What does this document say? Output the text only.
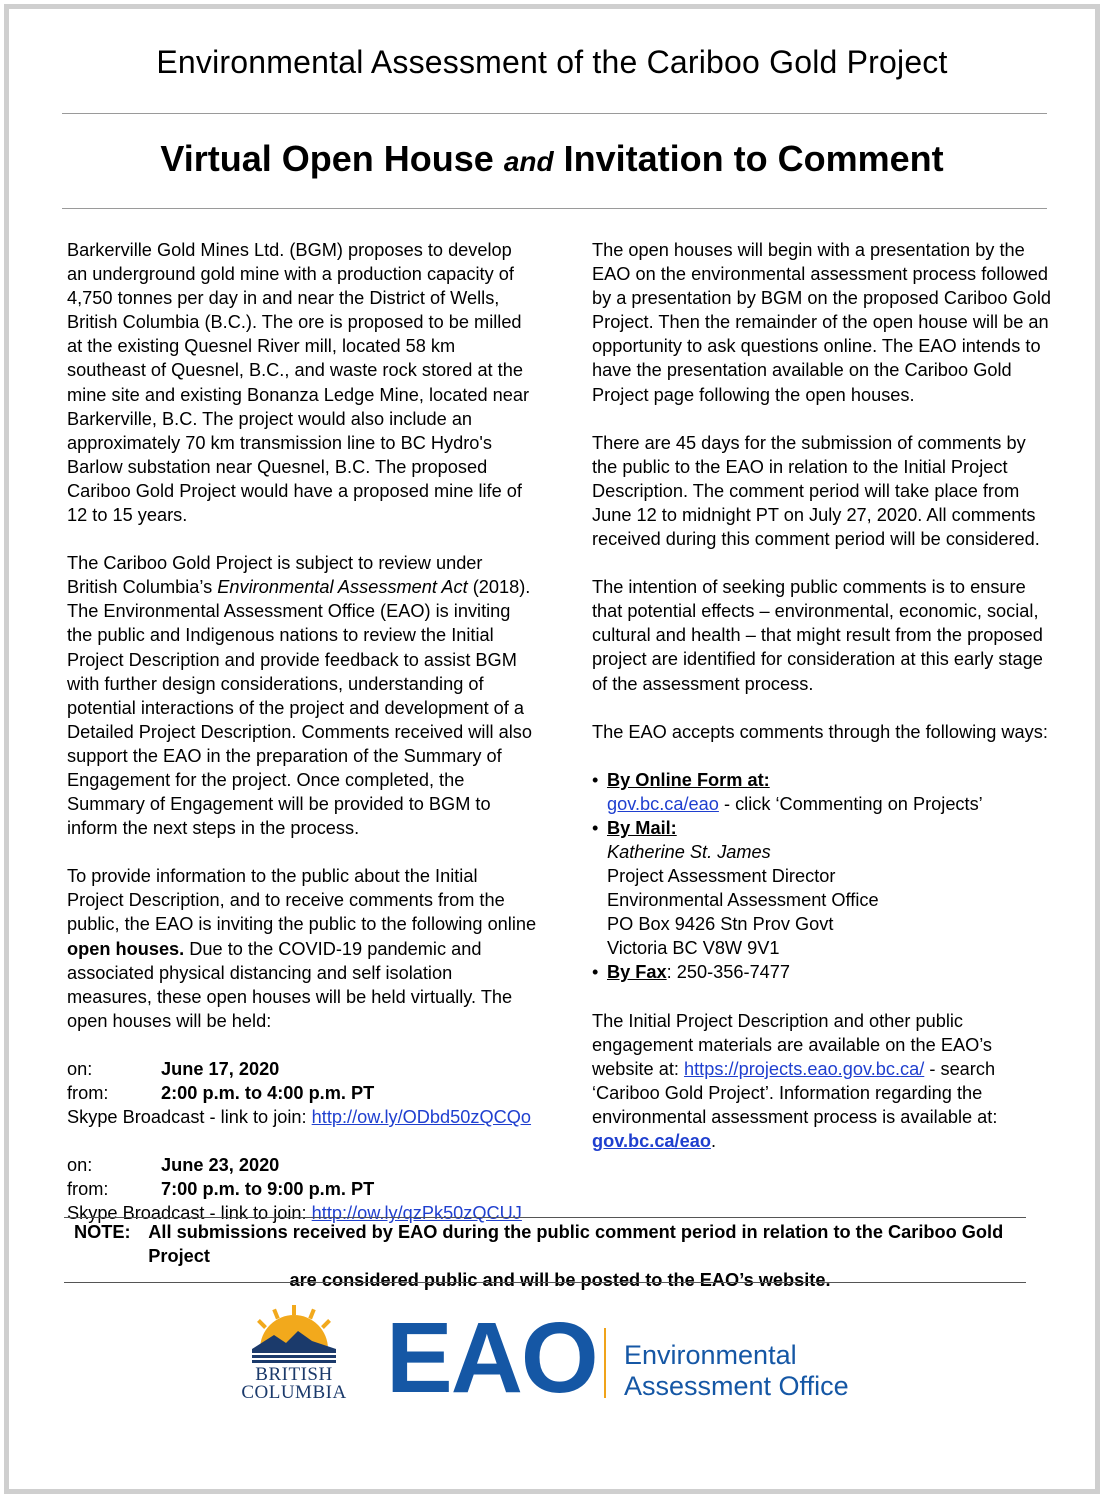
Environmental Assessment of the Cariboo Gold Project
Virtual Open House and Invitation to Comment

Barkerville Gold Mines Ltd. (BGM) proposes to develop an underground gold mine with a production capacity of 4,750 tonnes per day in and near the District of Wells, British Columbia (B.C.). The ore is proposed to be milled at the existing Quesnel River mill, located 58 km southeast of Quesnel, B.C., and waste rock stored at the mine site and existing Bonanza Ledge Mine, located near Barkerville, B.C. The project would also include an approximately 70 km transmission line to BC Hydro's Barlow substation near Quesnel, B.C. The proposed Cariboo Gold Project would have a proposed mine life of 12 to 15 years.

The Cariboo Gold Project is subject to review under British Columbia’s Environmental Assessment Act (2018).
The Environmental Assessment Office (EAO) is inviting the public and Indigenous nations to review the Initial Project Description and provide feedback to assist BGM with further design considerations, understanding of potential interactions of the project and development of a Detailed Project Description. Comments received will also support the EAO in the preparation of the Summary of Engagement for the project. Once completed, the Summary of Engagement will be provided to BGM to inform the next steps in the process.

To provide information to the public about the Initial Project Description, and to receive comments from the public, the EAO is inviting the public to the following online open houses. Due to the COVID-19 pandemic and associated physical distancing and self isolation measures, these open houses will be held virtually. The open houses will be held:

on:	June 17, 2020
from:	2:00 p.m. to 4:00 p.m. PT
Skype Broadcast - link to join: http://ow.ly/ODbd50zQCQo
on:	June 23, 2020
from:	7:00 p.m. to 9:00 p.m. PT
Skype Broadcast - link to join: http://ow.ly/qzPk50zQCUJ

The open houses will begin with a presentation by the EAO on the environmental assessment process followed by a presentation by BGM on the proposed Cariboo Gold Project. Then the remainder of the open house will be an opportunity to ask questions online. The EAO intends to have the presentation available on the Cariboo Gold Project page following the open houses.

There are 45 days for the submission of comments by the public to the EAO in relation to the Initial Project Description. The comment period will take place from June 12 to midnight PT on July 27, 2020. All comments received during this comment period will be considered.

The intention of seeking public comments is to ensure that potential effects – environmental, economic, social, cultural and health – that might result from the proposed project are identified for consideration at this early stage of the assessment process.

The EAO accepts comments through the following ways:

• By Online Form at:
gov.bc.ca/eao - click ‘Commenting on Projects’
• By Mail:
Katherine St. James
Project Assessment Director
Environmental Assessment Office
PO Box 9426 Stn Prov Govt
Victoria BC V8W 9V1
• By Fax: 250-356-7477

The Initial Project Description and other public engagement materials are available on the EAO’s website at: https://projects.eao.gov.bc.ca/ - search ‘Cariboo Gold Project’. Information regarding the environmental assessment process is available at: gov.bc.ca/eao.

NOTE: All submissions received by EAO during the public comment period in relation to the Cariboo Gold Project
are considered public and will be posted to the EAO’s website.
BRITISH
COLUMBIA EAO Environmental
Assessment Office
